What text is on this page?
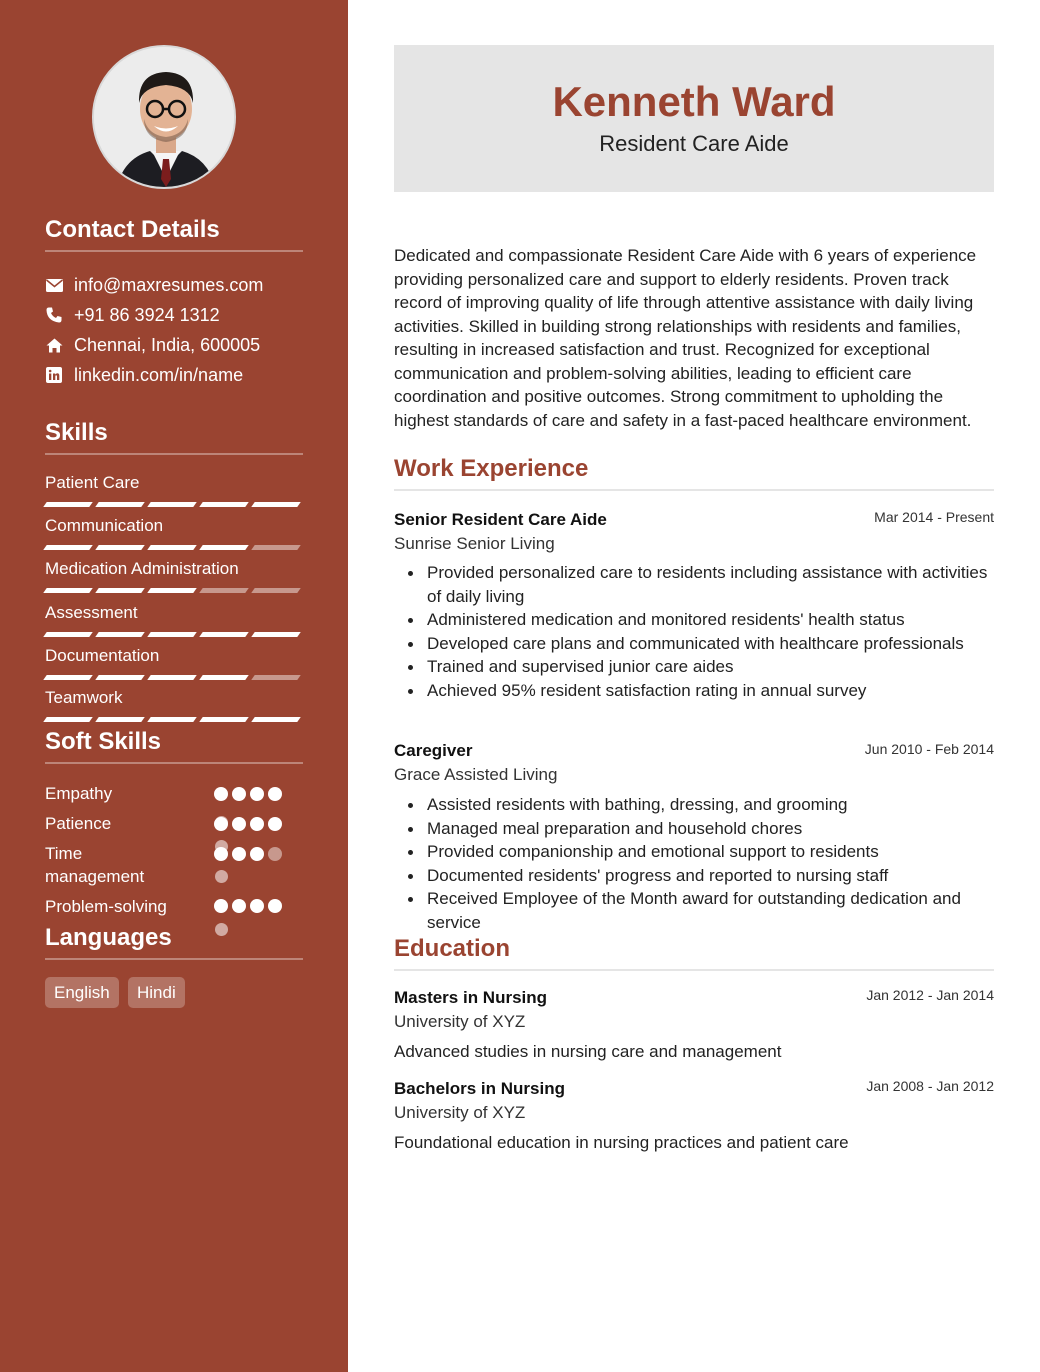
Contact Details
info@maxresumes.com
+91 86 3924 1312
Chennai, India, 600005
linkedin.com/in/name
Skills
Patient Care
Communication
Medication Administration
Assessment
Documentation
Teamwork
Soft Skills
Empathy
Patience
Time
management
Problem-solving
Languages
English	Hindi
Kenneth Ward
Resident Care Aide

Dedicated and compassionate Resident Care Aide with 6 years of experience providing personalized care and support to elderly residents. Proven track record of improving quality of life through attentive assistance with daily living activities. Skilled in building strong relationships with residents and families, resulting in increased satisfaction and trust. Recognized for exceptional communication and problem-solving abilities, leading to efficient care coordination and positive outcomes. Strong commitment to upholding the highest standards of care and safety in a fast-paced healthcare environment.

Work Experience
Senior Resident Care Aide	Mar 2014 - Present
Sunrise Senior Living
Provided personalized care to residents including assistance with activities of daily living
Administered medication and monitored residents' health status
Developed care plans and communicated with healthcare professionals
Trained and supervised junior care aides
Achieved 95% resident satisfaction rating in annual survey
Caregiver	Jun 2010 - Feb 2014
Grace Assisted Living
Assisted residents with bathing, dressing, and grooming
Managed meal preparation and household chores
Provided companionship and emotional support to residents
Documented residents' progress and reported to nursing staff
Received Employee of the Month award for outstanding dedication and service
Education
Masters in Nursing	Jan 2012 - Jan 2014
University of XYZ
Advanced studies in nursing care and management
Bachelors in Nursing	Jan 2008 - Jan 2012
University of XYZ
Foundational education in nursing practices and patient care
